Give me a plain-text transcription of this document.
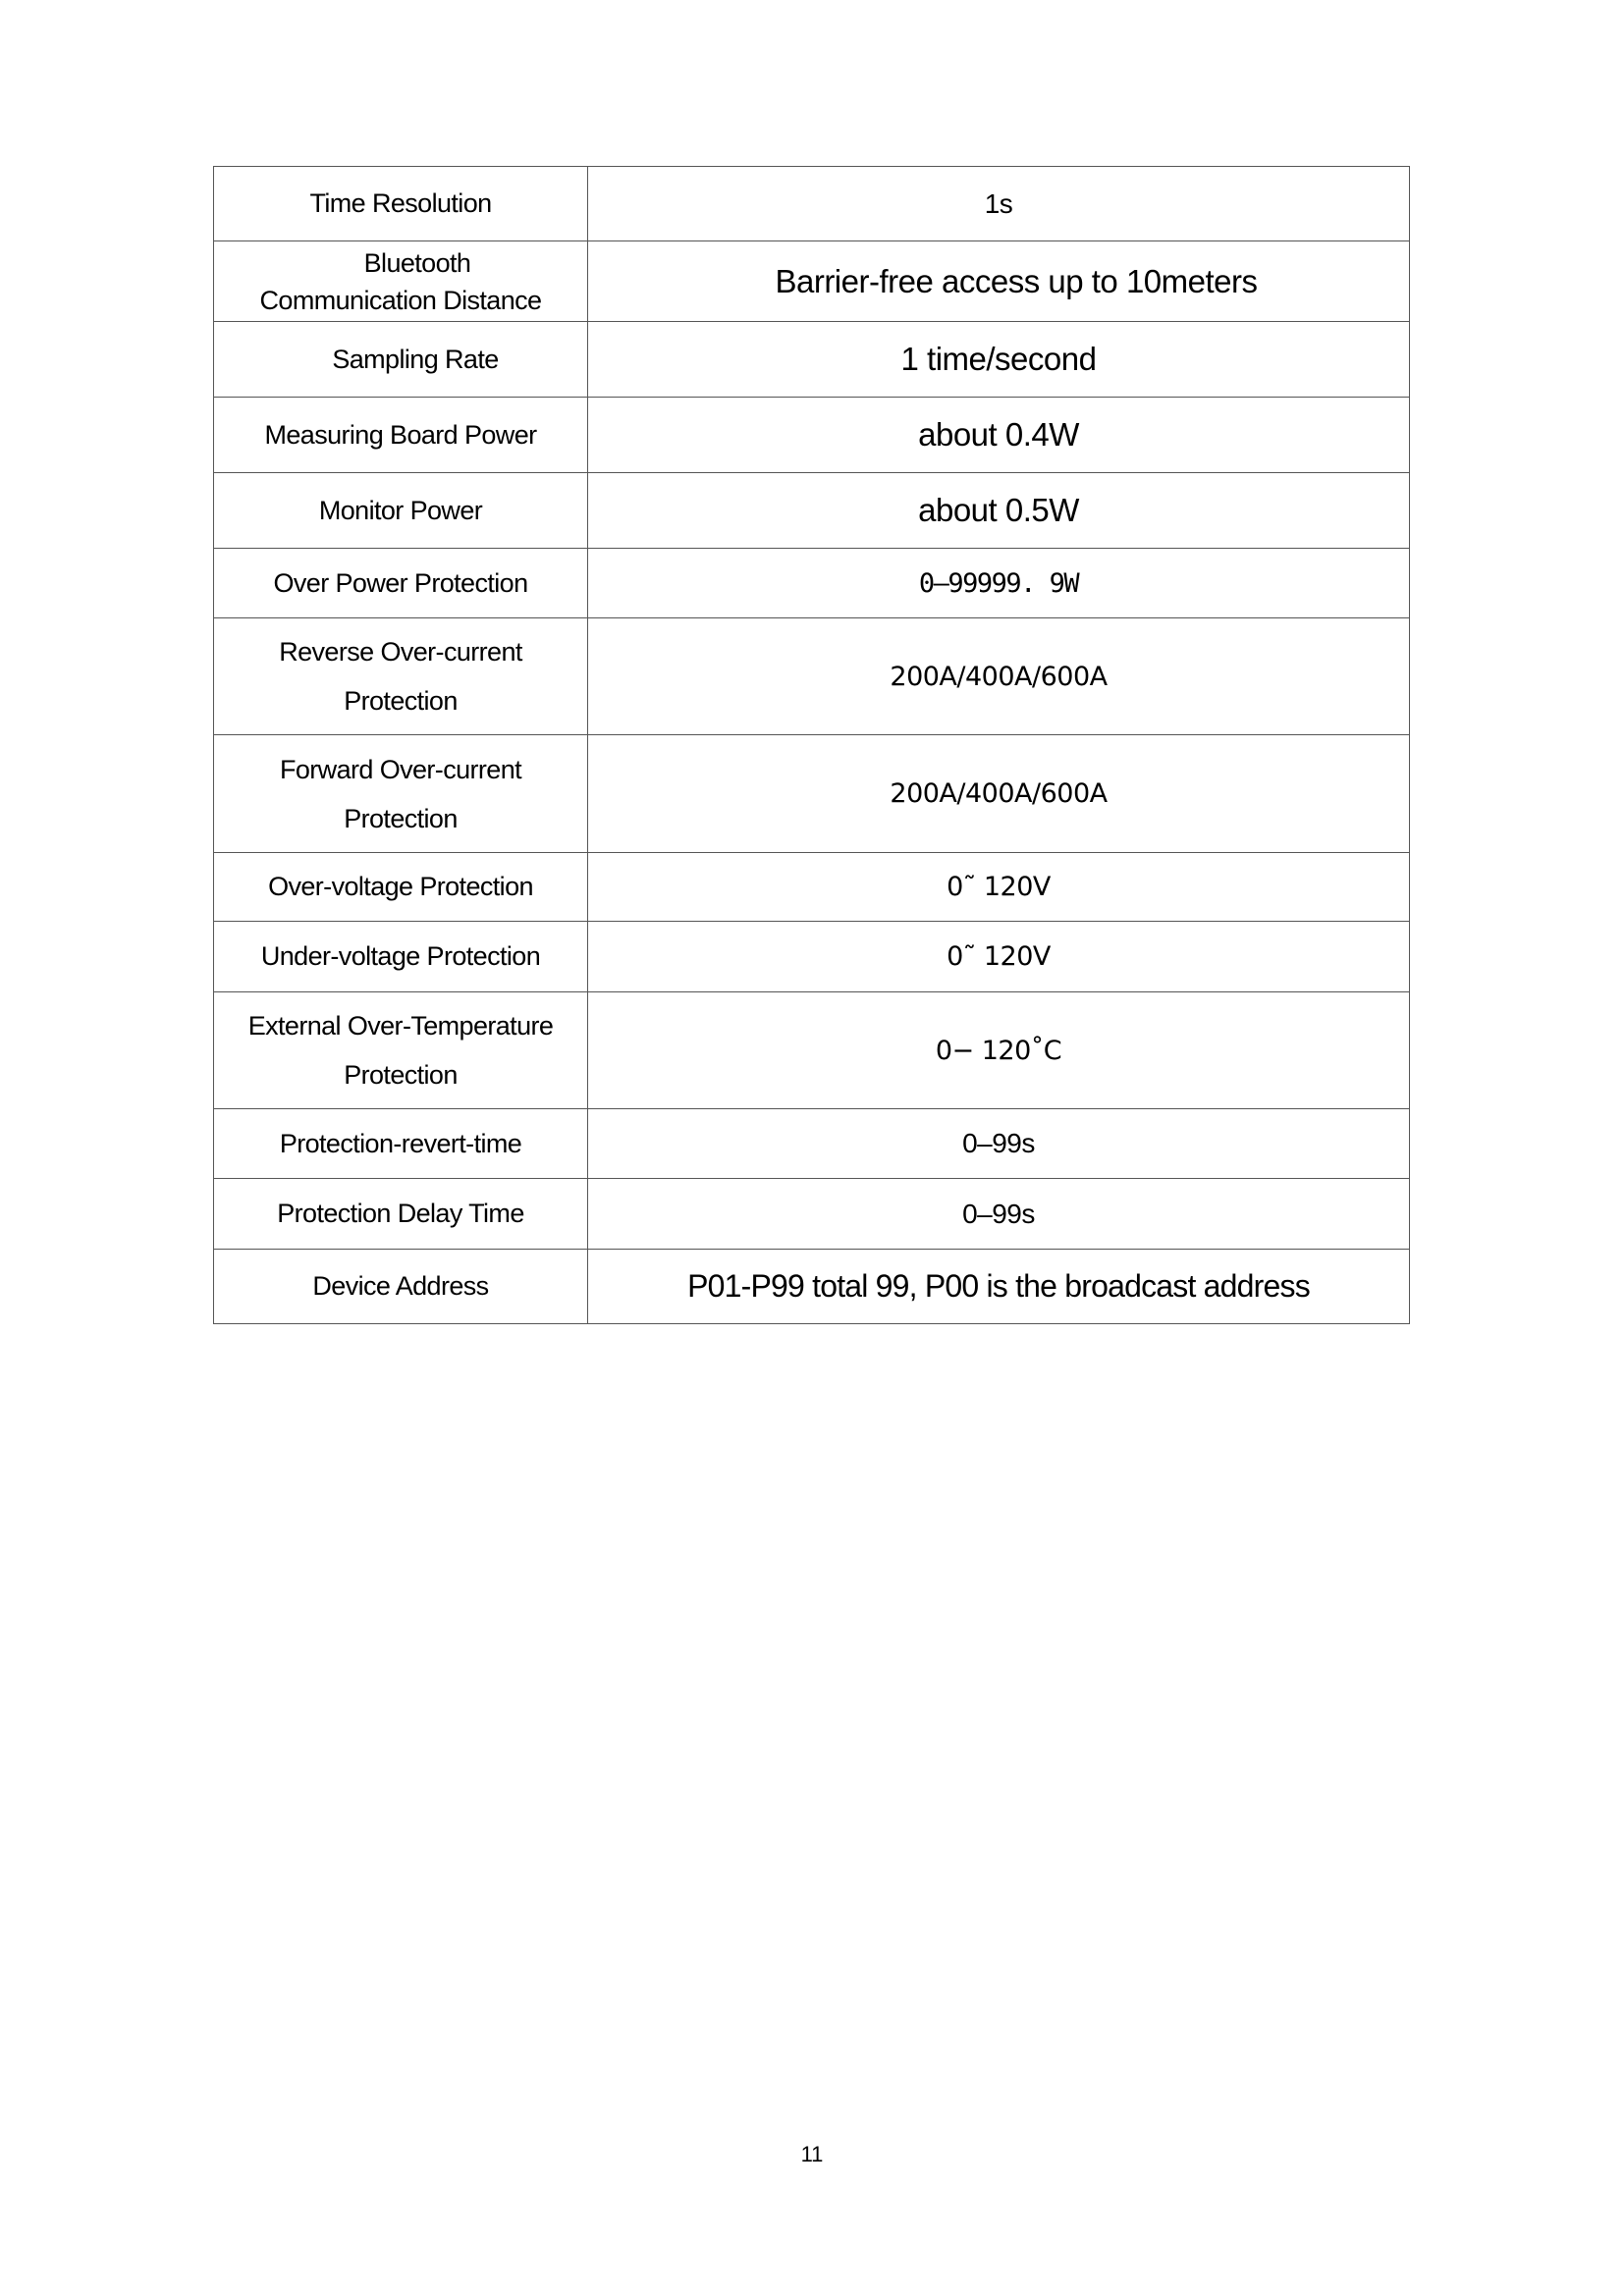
Time Resolution	1s

Bluetooth
Communication Distance	Barrier-free access up to 10meters
Sampling Rate	1 time/second
Measuring Board Power	about 0.4W
Monitor Power	about 0.5W
Over Power Protection	0—99999. 9W

Reverse Over-current
Protection	200A/400A/600A

Forward Over-current
Protection	200A/400A/600A
Over-voltage Protection	0˜ 120V
Under-voltage Protection	0˜ 120V

External Over-Temperature
Protection	0− 120˚C
Protection-revert-time	0–99s
Protection Delay Time	0–99s
Device Address	P01-P99 total 99, P00 is the broadcast address
11
